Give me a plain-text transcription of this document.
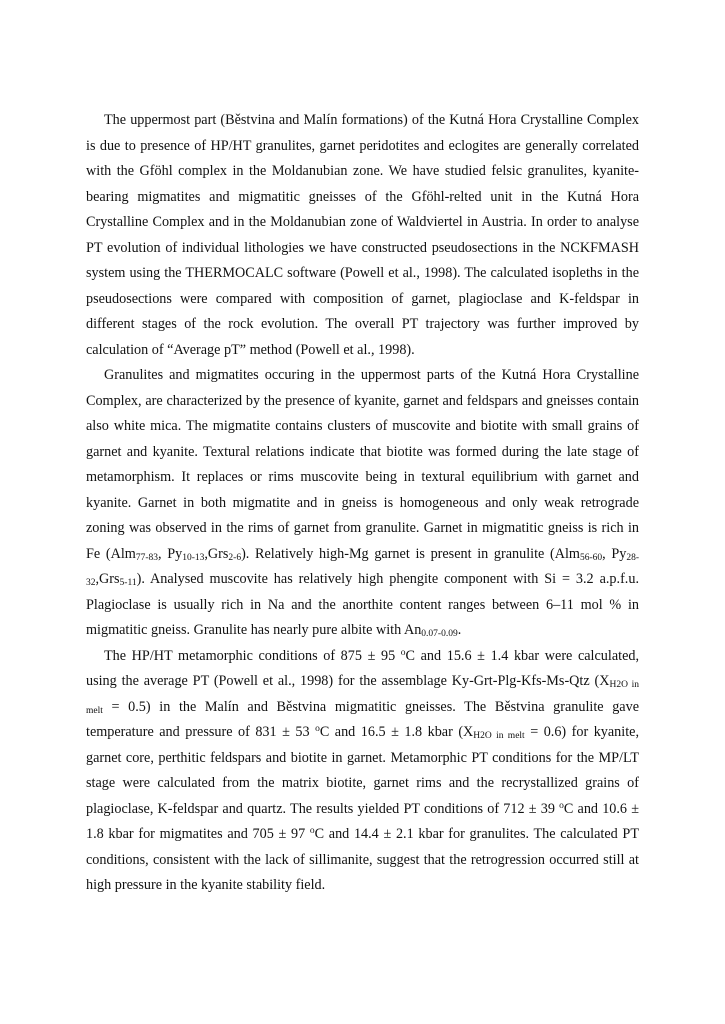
The uppermost part (Běstvina and Malín formations) of the Kutná Hora Crystalline Complex is due to presence of HP/HT granulites, garnet peridotites and eclogites are generally correlated with the Gföhl complex in the Moldanubian zone. We have studied felsic granulites, kyanite-bearing migmatites and migmatitic gneisses of the Gföhl-relted unit in the Kutná Hora Crystalline Complex and in the Moldanubian zone of Waldviertel in Austria. In order to analyse PT evolution of individual lithologies we have constructed pseudosections in the NCKFMASH system using the THERMOCALC software (Powell et al., 1998). The calculated isopleths in the pseudosections were compared with composition of garnet, plagioclase and K-feldspar in different stages of the rock evolution. The overall PT trajectory was further improved by calculation of “Average pT” method (Powell et al., 1998).

Granulites and migmatites occuring in the uppermost parts of the Kutná Hora Crystalline Complex, are characterized by the presence of kyanite, garnet and feldspars and gneisses contain also white mica. The migmatite contains clusters of muscovite and biotite with small grains of garnet and kyanite. Textural relations indicate that biotite was formed during the late stage of metamorphism. It replaces or rims muscovite being in textural equilibrium with garnet and kyanite. Garnet in both migmatite and in gneiss is homogeneous and only weak retrograde zoning was observed in the rims of garnet from granulite. Garnet in migmatitic gneiss is rich in Fe (Alm$_{77-83}$, $Py_{10-13},Grs_{2-6}$). Relatively high-Mg garnet is present in granulite (Alm$_{56-60}$, $Py_{28-32},Grs_{5-11}$). Analysed muscovite has relatively high phengite component with Si = 3.2 a.p.f.u. Plagioclase is usually rich in Na and the anorthite content ranges between 6–11 mol % in migmatitic gneiss. Granulite has nearly pure albite with $An_{0.07-0.09}$.

The HP/HT metamorphic conditions of 875 ± 95 $^o$C and 15.6 ± 1.4 kbar were calculated, using the average PT (Powell et al., 1998) for the assemblage Ky-Grt-Plg-Kfs-Ms-Qtz $(X_{H2O in melt} = 0.5)$ in the Malín and Běstvina migmatitic gneisses. The Běstvina granulite gave temperature and pressure of 831 ± 53 $^o$C and 16.5 ± 1.8 kbar $(X_{H2O in melt} = 0.6)$ for kyanite, garnet core, perthitic feldspars and biotite in garnet. Metamorphic PT conditions for the MP/LT stage were calculated from the matrix biotite, garnet rims and the recrystallized grains of plagioclase, K-feldspar and quartz. The results yielded PT conditions of 712 ± 39 $^o$C and 10.6 ± 1.8 kbar for migmatites and 705 ± 97 $^o$C and 14.4 ± 2.1 kbar for granulites. The calculated PT conditions, consistent with the lack of sillimanite, suggest that the retrogression occurred still at high pressure in the kyanite stability field.
